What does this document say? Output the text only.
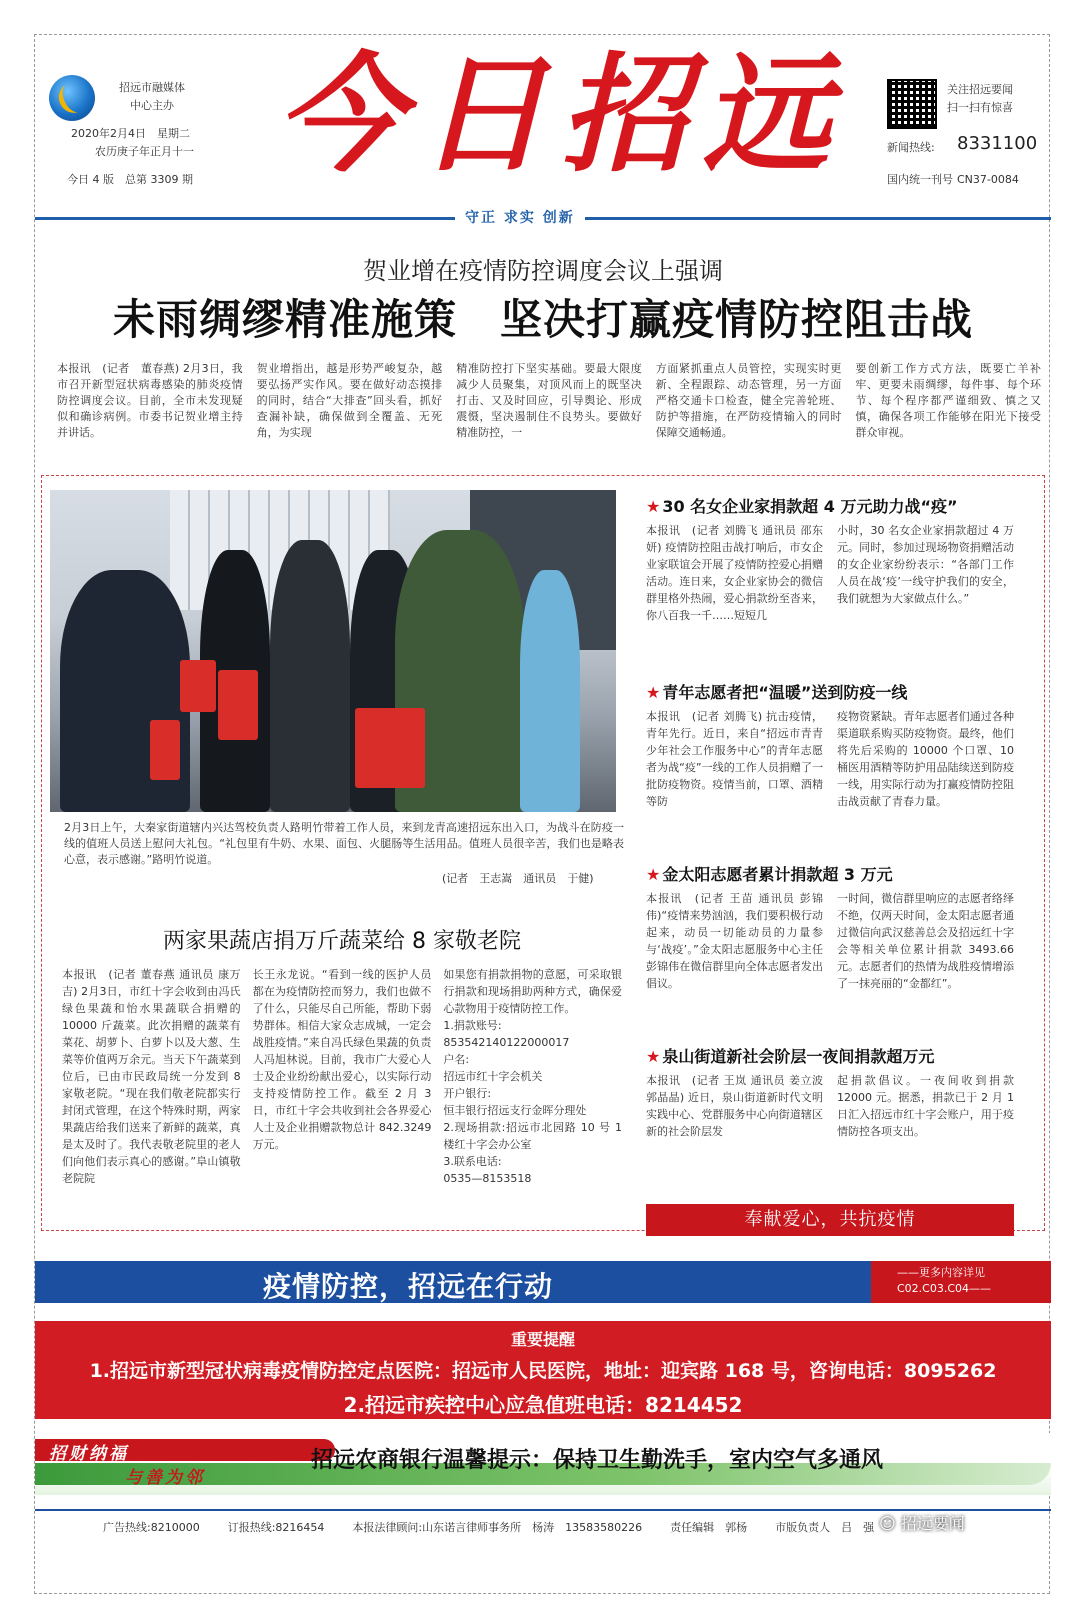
招远市融媒体
中心主办
2020年2月4日　星期二
农历庚子年正月十一
今日 4 版　总第 3309 期 今日招远	关注招远要闻
扫一扫有惊喜
新闻热线: 8331100
国内统一刊号 CN37-0084
守正 求实 创新
贺业增在疫情防控调度会议上强调
未雨绸缪精准施策　坚决打赢疫情防控阻击战
本报讯　(记者　董春燕) 2月3日，我市召开新型冠状病毒感染的肺炎疫情防控调度会议。目前，全市未发现疑似和确诊病例。市委书记贺业增主持并讲话。
贺业增指出，越是形势严峻复杂，越要弘扬严实作风。要在做好动态摸排的同时，结合“大排查”回头看，抓好查漏补缺，确保做到全覆盖、无死角，为实现
精准防控打下坚实基础。要最大限度减少人员聚集，对顶风而上的既坚决打击、又及时回应，引导舆论、形成震慑，坚决遏制住不良势头。要做好精准防控，一
方面紧抓重点人员管控，实现实时更新、全程跟踪、动态管理，另一方面严格交通卡口检查，健全完善轮班、防护等措施，在严防疫情输入的同时保障交通畅通。
要创新工作方式方法，既要亡羊补牢、更要未雨绸缪，每件事、每个环节、每个程序都严谨细致、慎之又慎，确保各项工作能够在阳光下接受群众审视。
2月3日上午，大秦家街道辖内兴达驾校负责人路明竹带着工作人员，来到龙青高速招远东出入口，为战斗在防疫一线的值班人员送上慰问大礼包。“礼包里有牛奶、水果、面包、火腿肠等生活用品。值班人员很辛苦，我们也是略表心意，表示感谢。”路明竹说道。
(记者　王志嵩　通讯员　于健)
两家果蔬店捐万斤蔬菜给 8 家敬老院
本报讯　(记者 董春燕 通讯员 康万吉) 2月3日，市红十字会收到由冯氏绿色果蔬和怡水果蔬联合捐赠的 10000 斤蔬菜。此次捐赠的蔬菜有菜花、胡萝卜、白萝卜以及大葱、生菜等价值两万余元。当天下午蔬菜到位后，已由市民政局统一分发到 8 家敬老院。“现在我们敬老院都实行封闭式管理，在这个特殊时期，两家果蔬店给我们送来了新鲜的蔬菜，真是太及时了。我代表敬老院里的老人们向他们表示真心的感谢。”阜山镇敬老院院
长王永龙说。“看到一线的医护人员都在为疫情防控而努力，我们也做不了什么，只能尽自己所能，帮助下弱势群体。相信大家众志成城，一定会战胜疫情。”来自冯氏绿色果蔬的负责人冯旭林说。目前，我市广大爱心人士及企业纷纷献出爱心，以实际行动支持疫情防控工作。截至 2 月 3 日，市红十字会共收到社会各界爱心人士及企业捐赠款物总计 842.3249 万元。
如果您有捐款捐物的意愿，可采取银行捐款和现场捐助两种方式，确保爱心款物用于疫情防控工作。
1.捐款账号:
853542140122000017
户名:
招远市红十字会机关
开户银行:
恒丰银行招远支行金晖分理处
2.现场捐款:招远市北园路 10 号 1 楼红十字会办公室
3.联系电话:
0535—8153518
★ 30 名女企业家捐款超 4 万元助力战“疫”
本报讯　(记者 刘腾飞 通讯员 邵东妍) 疫情防控阻击战打响后，市女企业家联谊会开展了疫情防控爱心捐赠活动。连日来，女企业家协会的微信群里格外热闹，爱心捐款纷至沓来，你八百我一千……短短几
小时，30 名女企业家捐款超过 4 万元。同时，参加过现场物资捐赠活动的女企业家纷纷表示：“各部门工作人员在战‘疫’一线守护我们的安全，我们就想为大家做点什么。”
★ 青年志愿者把“温暖”送到防疫一线
本报讯　(记者 刘腾飞) 抗击疫情，青年先行。近日，来自“招远市青青少年社会工作服务中心”的青年志愿者为战“疫”一线的工作人员捐赠了一批防疫物资。疫情当前，口罩、酒精等防
疫物资紧缺。青年志愿者们通过各种渠道联系购买防疫物资。最终，他们将先后采购的 10000 个口罩、10 桶医用酒精等防护用品陆续送到防疫一线，用实际行动为打赢疫情防控阻击战贡献了青春力量。
★ 金太阳志愿者累计捐款超 3 万元
本报讯　(记者 王苗 通讯员 彭锦伟)“疫情来势汹汹，我们要积极行动起来，动员一切能动员的力量参与‘战疫’。”金太阳志愿服务中心主任彭锦伟在微信群里向全体志愿者发出倡议。
一时间，微信群里响应的志愿者络绎不绝，仅两天时间，金太阳志愿者通过微信向武汉慈善总会及招远红十字会等相关单位累计捐款 3493.66 元。志愿者们的热情为战胜疫情增添了一抹亮丽的“金都红”。
★ 泉山街道新社会阶层一夜间捐款超万元
本报讯　(记者 王岚 通讯员 姜立波 郭晶晶) 近日，泉山街道新时代文明实践中心、党群服务中心向街道辖区新的社会阶层发
起捐款倡议。一夜间收到捐款 12000 元。据悉，捐款已于 2 月 1 日汇入招远市红十字会账户，用于疫情防控各项支出。
奉献爱心，共抗疫情
疫情防控，招远在行动	——更多内容详见
C02.C03.C04——
重要提醒
1.招远市新型冠状病毒疫情防控定点医院：招远市人民医院，地址：迎宾路 168 号，咨询电话：8095262
2.招远市疾控中心应急值班电话：8214452
招财纳福
与善为邻
招远农商银行温馨提示：保持卫生勤洗手，室内空气多通风
广告热线:8210000	订报热线:8216454	本报法律顾问:山东诺言律师事务所　杨涛　13583580226	责任编辑　郭杨	市版负责人　吕　强 ☺ 招远要闻
